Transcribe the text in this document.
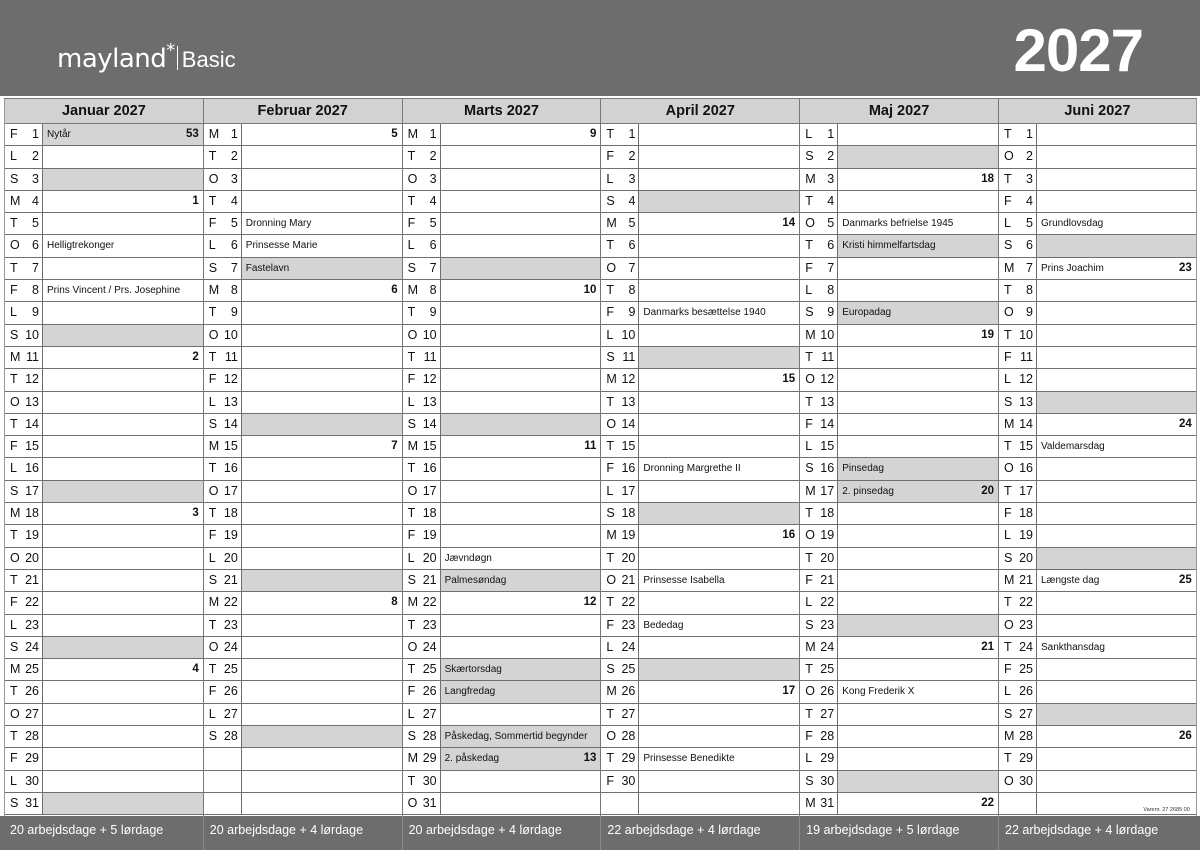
mayland* Basic	2027
Januar 2027
F 1 Nytår	53
L 2
S 3
M 4	1
T 5
O 6 Helligtrekonger
T 7
F 8 Prins Vincent / Prs. Josephine
L 9
S 10
M 11	2
T 12
O 13
T 14
F 15
L 16
S 17
M 18	3
T 19
O 20
T 21
F 22
L 23
S 24
M 25	4
T 26
O 27
T 28
F 29
L 30
S 31
Februar 2027
M 1	5
T 2
O 3
T 4
F 5 Dronning Mary
L 6 Prinsesse Marie
S 7 Fastelavn
M 8	6
T 9
O 10
T 11
F 12
L 13
S 14
M 15	7
T 16
O 17
T 18
F 19
L 20
S 21
M 22	8
T 23
O 24
T 25
F 26
L 27
S 28
Marts 2027
M 1	9
T 2
O 3
T 4
F 5
L 6
S 7
M 8	10
T 9
O 10
T 11
F 12
L 13
S 14
M 15	11
T 16
O 17
T 18
F 19
L 20 Jævndøgn
S 21 Palmesøndag
M 22	12
T 23
O 24
T 25 Skærtorsdag
F 26 Langfredag
L 27
S 28 Påskedag, Sommertid begynder
M 29 2. påskedag	13
T 30
O 31
April 2027
T 1
F 2
L 3
S 4
M 5	14
T 6
O 7
T 8
F 9 Danmarks besættelse 1940
L 10
S 11
M 12	15
T 13
O 14
T 15
F 16 Dronning Margrethe II
L 17
S 18
M 19	16
T 20
O 21 Prinsesse Isabella
T 22
F 23 Bededag
L 24
S 25
M 26	17
T 27
O 28
T 29 Prinsesse Benedikte
F 30
Maj 2027
L 1
S 2
M 3	18
T 4
O 5 Danmarks befrielse 1945
T 6 Kristi himmelfartsdag
F 7
L 8
S 9 Europadag
M 10	19
T 11
O 12
T 13
F 14
L 15
S 16 Pinsedag
M 17 2. pinsedag	20
T 18
O 19
T 20
F 21
L 22
S 23
M 24	21
T 25
O 26 Kong Frederik X
T 27
F 28
L 29
S 30
M 31	22
Juni 2027
T 1
O 2
T 3
F 4
L 5 Grundlovsdag
S 6
M 7 Prins Joachim	23
T 8
O 9
T 10
F 11
L 12
S 13
M 14	24
T 15 Valdemarsdag
O 16
T 17
F 18
L 19
S 20
M 21 Længste dag	25
T 22
O 23
T 24 Sankthansdag
F 25
L 26
S 27
M 28	26
T 29
O 30
Varenr. 27 2685 00
20 arbejdsdage + 5 lørdage	20 arbejdsdage + 4 lørdage	20 arbejdsdage + 4 lørdage	22 arbejdsdage + 4 lørdage	19 arbejdsdage + 5 lørdage	22 arbejdsdage + 4 lørdage
